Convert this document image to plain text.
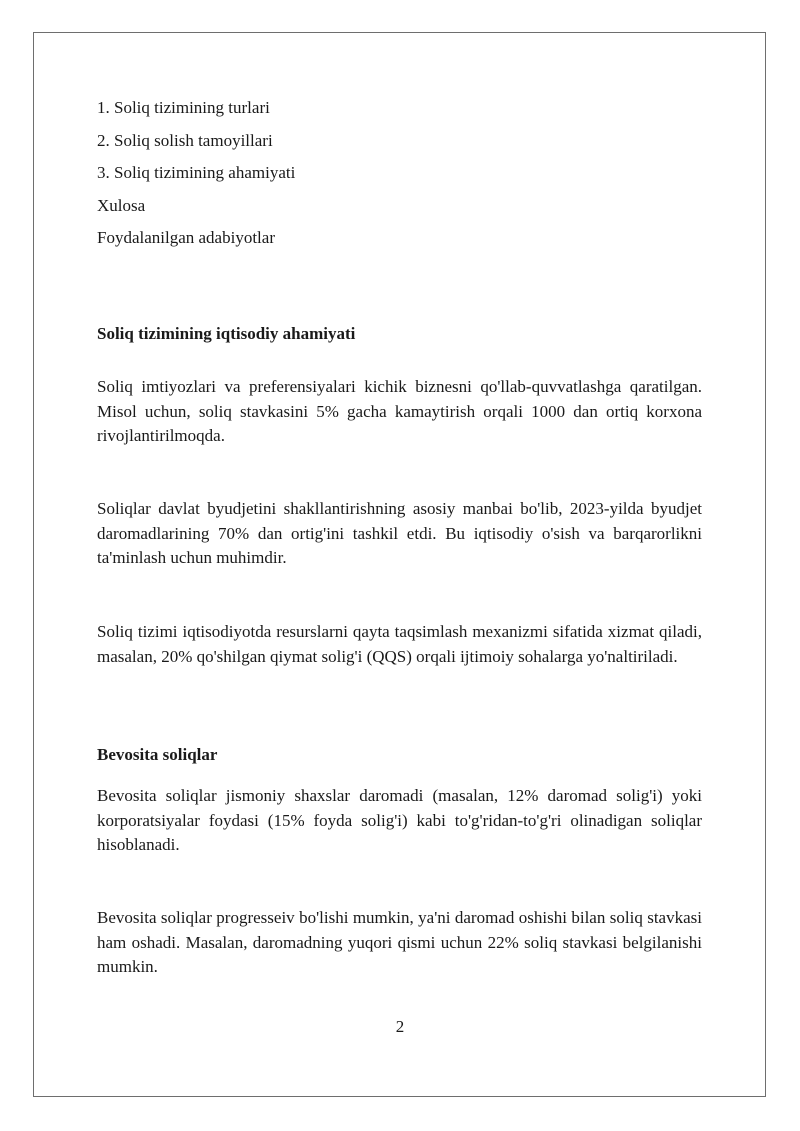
1. Soliq tizimining turlari
2. Soliq solish tamoyillari
3. Soliq tizimining ahamiyati
Xulosa
Foydalanilgan adabiyotlar
Soliq tizimining iqtisodiy ahamiyati

Soliq imtiyozlari va preferensiyalari kichik biznesni qo'llab-quvvatlashga qaratilgan. Misol uchun, soliq stavkasini 5% gacha kamaytirish orqali 1000 dan ortiq korxona rivojlantirilmoqda.

Soliqlar davlat byudjetini shakllantirishning asosiy manbai bo'lib, 2023-yilda byudjet daromadlarining 70% dan ortig'ini tashkil etdi. Bu iqtisodiy o'sish va barqarorlikni ta'minlash uchun muhimdir.

Soliq tizimi iqtisodiyotda resurslarni qayta taqsimlash mexanizmi sifatida xizmat qiladi, masalan, 20% qo'shilgan qiymat solig'i (QQS) orqali ijtimoiy sohalarga yo'naltiriladi.

Bevosita soliqlar

Bevosita soliqlar jismoniy shaxslar daromadi (masalan, 12% daromad solig'i) yoki korporatsiyalar foydasi (15% foyda solig'i) kabi to'g'ridan-to'g'ri olinadigan soliqlar hisoblanadi.

Bevosita soliqlar progresseiv bo'lishi mumkin, ya'ni daromad oshishi bilan soliq stavkasi ham oshadi. Masalan, daromadning yuqori qismi uchun 22% soliq stavkasi belgilanishi mumkin.

2
